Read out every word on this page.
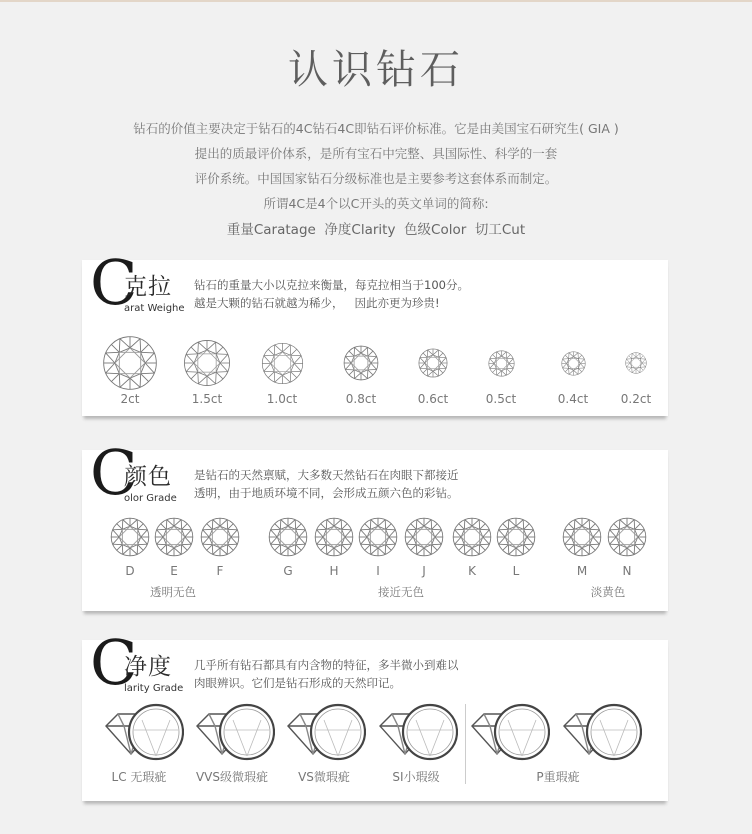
认识钻石
钻石的价值主要决定于钻石的4C钻石4C即钻石评价标准。它是由美国宝石研究生( GIA )
提出的质最评价体系，是所有宝石中完整、具国际性、科学的一套
评价系统。中国国家钻石分级标准也是主要参考这套体系而制定。
所谓4C是4个以C开头的英文单词的简称:
重量Caratage  净度Clarity  色级Color  切工Cut
C
克拉
arat Weighe
钻石的重量大小以克拉来衡量，每克拉相当于100分。
越是大颗的钻石就越为稀少，   因此亦更为珍贵!
2ct	1.5ct	1.0ct	0.8ct	0.6ct	0.5ct	0.4ct	0.2ct
C
颜色
olor Grade
是钻石的天然禀赋，大多数天然钻石在肉眼下都接近
透明，由于地质环境不同，会形成五颜六色的彩钻。
透明无色	接近无色	淡黄色
D	E	F	G	H	I	J	K	L	M	N
C
净度
larity Grade
几乎所有钻石都具有内含物的特征，多半微小到难以
肉眼辨识。它们是钻石形成的天然印记。
LC 无瑕疵	VVS级微瑕疵	VS微瑕疵	SI小瑕级	P重瑕疵
